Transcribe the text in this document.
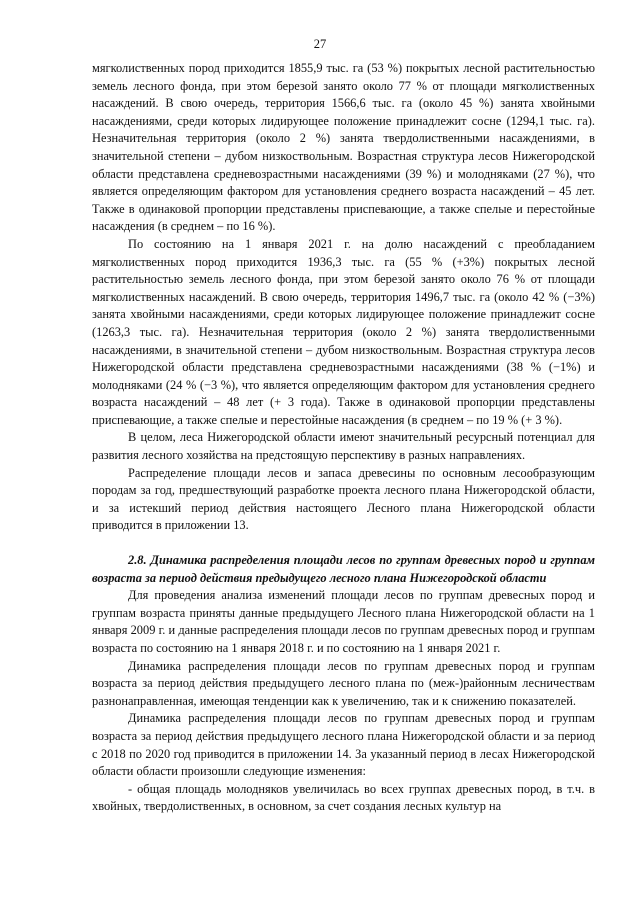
27

мягколиственных пород приходится 1855,9 тыс. га (53 %) покрытых лесной растительностью земель лесного фонда, при этом березой занято около 77 % от площади мягколиственных насаждений. В свою очередь, территория 1566,6 тыс. га (около 45 %) занята хвойными насаждениями, среди которых лидирующее положение принадлежит сосне (1294,1 тыс. га). Незначительная территория (около 2 %) занята твердолиственными насаждениями, в значительной степени – дубом низкоствольным. Возрастная структура лесов Нижегородской области представлена средневозрастными насаждениями (39 %) и молодняками (27 %), что является определяющим фактором для установления среднего возраста насаждений – 45 лет. Также в одинаковой пропорции представлены приспевающие, а также спелые и перестойные насаждения (в среднем – по 16 %).

По состоянию на 1 января 2021 г. на долю насаждений с преобладанием мягколиственных пород приходится 1936,3 тыс. га (55 % (+3%) покрытых лесной растительностью земель лесного фонда, при этом березой занято около 76 % от площади мягколиственных насаждений. В свою очередь, территория 1496,7 тыс. га (около 42 % (−3%) занята хвойными насаждениями, среди которых лидирующее положение принадлежит сосне (1263,3 тыс. га). Незначительная территория (около 2 %) занята твердолиственными насаждениями, в значительной степени – дубом низкоствольным. Возрастная структура лесов Нижегородской области представлена средневозрастными насаждениями (38 % (−1%) и молодняками (24 % (−3 %), что является определяющим фактором для установления среднего возраста насаждений – 48 лет (+ 3 года). Также в одинаковой пропорции представлены приспевающие, а также спелые и перестойные насаждения (в среднем – по 19 % (+ 3 %).

В целом, леса Нижегородской области имеют значительный ресурсный потенциал для развития лесного хозяйства на предстоящую перспективу в разных направлениях.

Распределение площади лесов и запаса древесины по основным лесообразующим породам за год, предшествующий разработке проекта лесного плана Нижегородской области, и за истекший период действия настоящего Лесного плана Нижегородской области приводится в приложении 13.

2.8. Динамика распределения площади лесов по группам древесных пород и группам возраста за период действия предыдущего лесного плана Нижегородской области

Для проведения анализа изменений площади лесов по группам древесных пород и группам возраста приняты данные предыдущего Лесного плана Нижегородской области на 1 января 2009 г. и данные распределения площади лесов по группам древесных пород и группам возраста по состоянию на 1 января 2018 г. и по состоянию на 1 января 2021 г.

Динамика распределения площади лесов по группам древесных пород и группам возраста за период действия предыдущего лесного плана по (меж-)районным лесничествам разнонаправленная, имеющая тенденции как к увеличению, так и к снижению показателей.

Динамика распределения площади лесов по группам древесных пород и группам возраста за период действия предыдущего лесного плана Нижегородской области и за период с 2018 по 2020 год приводится в приложении 14. За указанный период в лесах Нижегородской области области произошли следующие изменения:

- общая площадь молодняков увеличилась во всех группах древесных пород, в т.ч. в хвойных, твердолиственных, в основном, за счет создания лесных культур на
